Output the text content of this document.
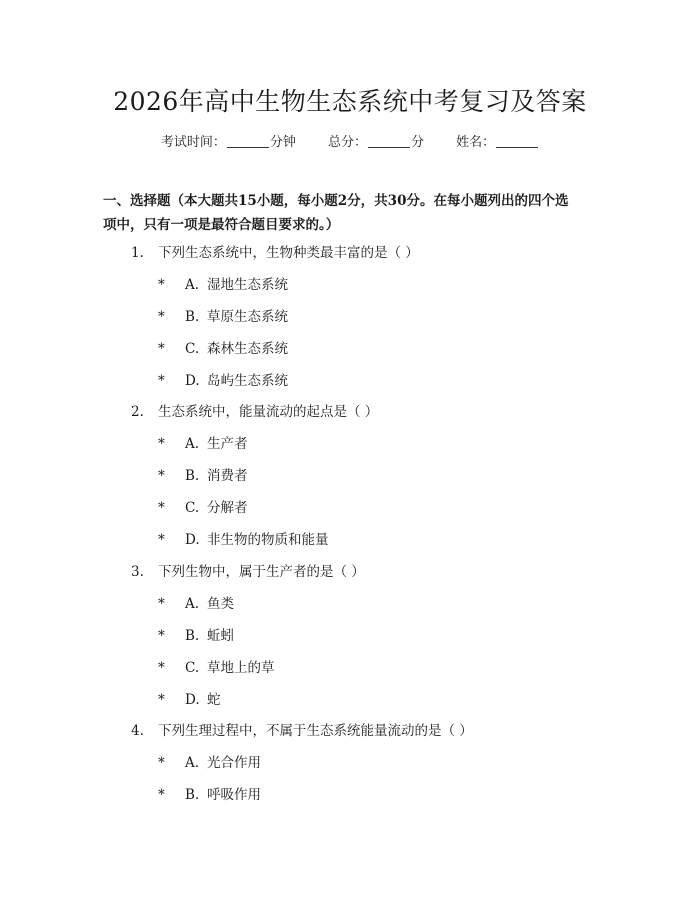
2026年高中生物生态系统中考复习及答案
考试时间：	分钟 总分：	分 姓名：
一、选择题（本大题共15小题，每小题2分，共30分。在每小题列出的四个选
项中，只有一项是最符合题目要求的。）
1. 下列生态系统中，生物种类最丰富的是（ ）
* A. 湿地生态系统
* B. 草原生态系统
* C. 森林生态系统
* D. 岛屿生态系统
2. 生态系统中，能量流动的起点是（ ）
* A. 生产者
* B. 消费者
* C. 分解者
* D. 非生物的物质和能量
3. 下列生物中，属于生产者的是（ ）
* A. 鱼类
* B. 蚯蚓
* C. 草地上的草
* D. 蛇
4. 下列生理过程中，不属于生态系统能量流动的是（ ）
* A. 光合作用
* B. 呼吸作用
